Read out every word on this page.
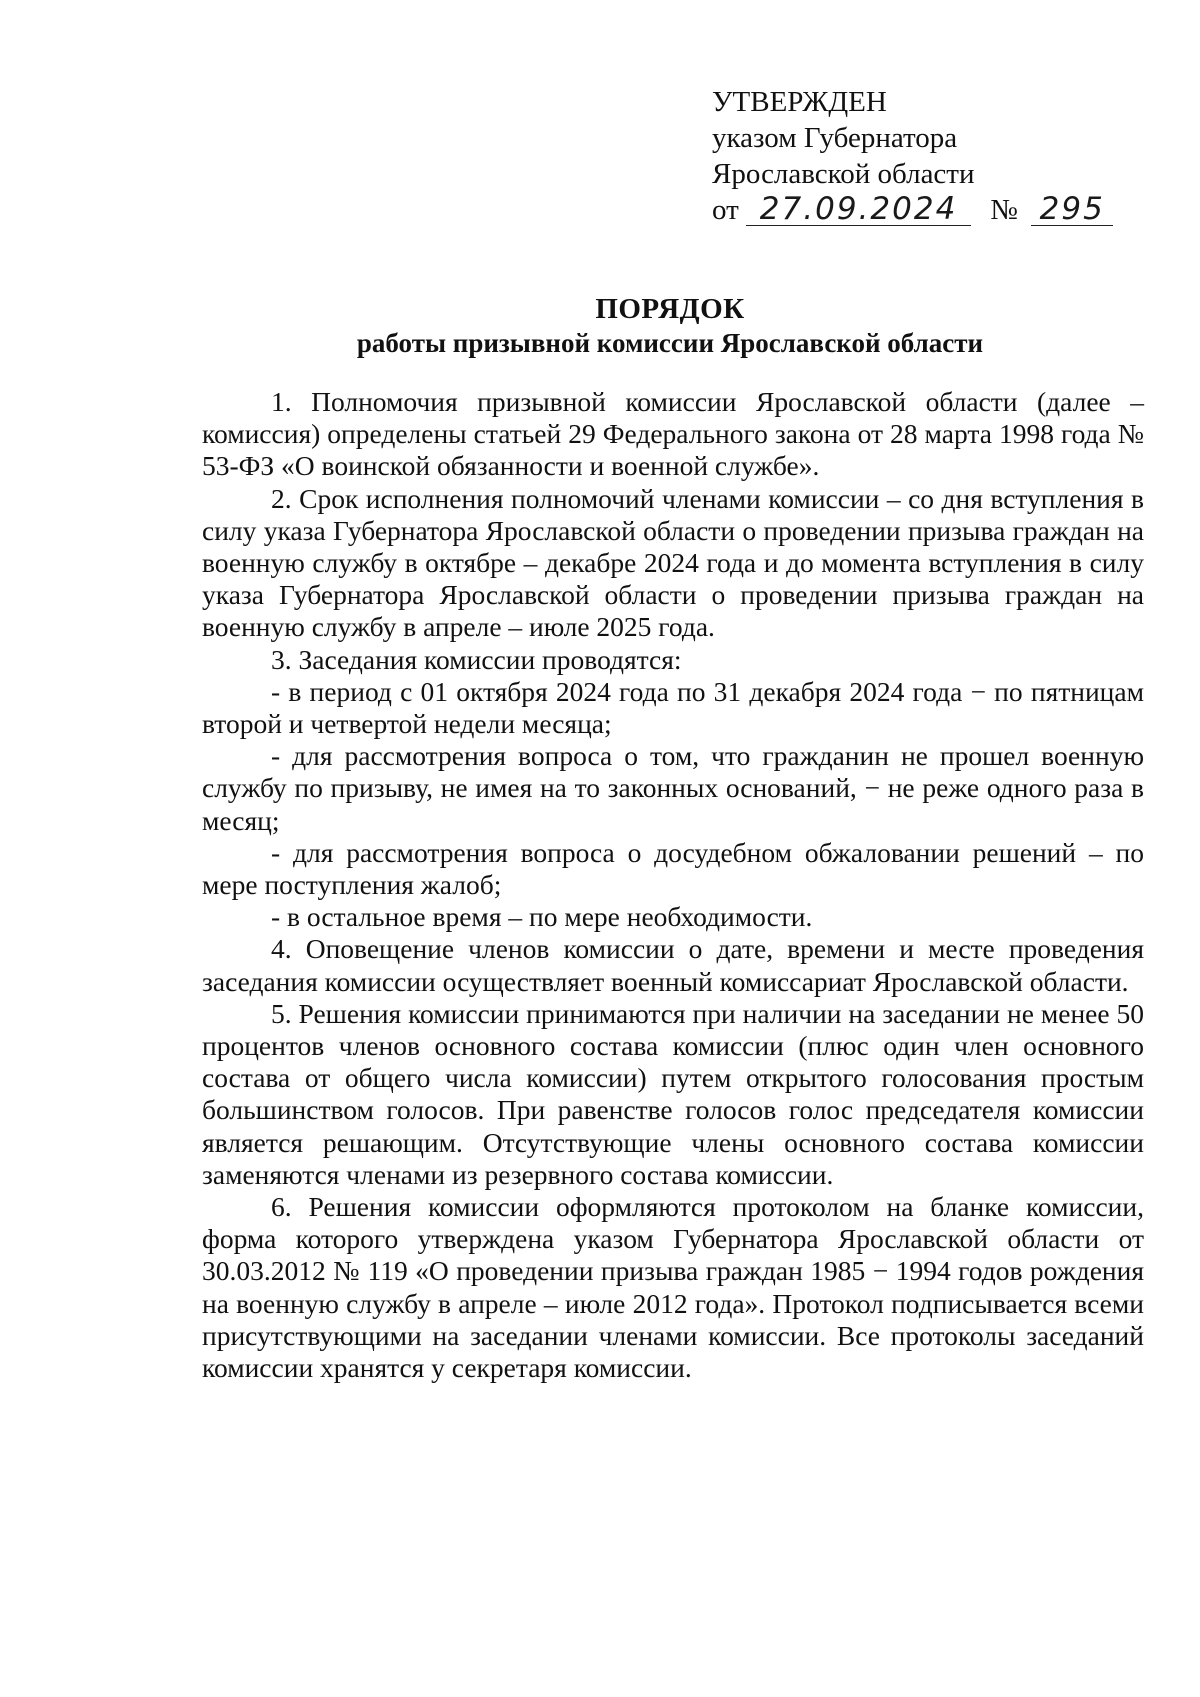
УТВЕРЖДЕН
указом Губернатора
Ярославской области
от 27.09.2024 № 295
ПОРЯДОК
работы призывной комиссии Ярославской области

1. Полномочия призывной комиссии Ярославской области (далее – комиссия) определены статьей 29 Федерального закона от 28 марта 1998 года № 53-ФЗ «О воинской обязанности и военной службе».

2. Срок исполнения полномочий членами комиссии – со дня вступления в силу указа Губернатора Ярославской области о проведении призыва граждан на военную службу в октябре – декабре 2024 года и до момента вступления в силу указа Губернатора Ярославской области о проведении призыва граждан на военную службу в апреле – июле 2025 года.

3. Заседания комиссии проводятся:

- в период с 01 октября 2024 года по 31 декабря 2024 года − по пятницам второй и четвертой недели месяца;

- для рассмотрения вопроса о том, что гражданин не прошел военную службу по призыву, не имея на то законных оснований, − не реже одного раза в месяц;

- для рассмотрения вопроса о досудебном обжаловании решений – по мере поступления жалоб;

- в остальное время – по мере необходимости.

4. Оповещение членов комиссии о дате, времени и месте проведения заседания комиссии осуществляет военный комиссариат Ярославской области.

5. Решения комиссии принимаются при наличии на заседании не менее 50 процентов членов основного состава комиссии (плюс один член основного состава от общего числа комиссии) путем открытого голосования простым большинством голосов. При равенстве голосов голос председателя комиссии является решающим. Отсутствующие члены основного состава комиссии заменяются членами из резервного состава комиссии.

6. Решения комиссии оформляются протоколом на бланке комиссии, форма которого утверждена указом Губернатора Ярославской области от 30.03.2012 № 119 «О проведении призыва граждан 1985 − 1994 годов рождения на военную службу в апреле – июле 2012 года». Протокол подписывается всеми присутствующими на заседании членами комиссии. Все протоколы заседаний комиссии хранятся у секретаря комиссии.
